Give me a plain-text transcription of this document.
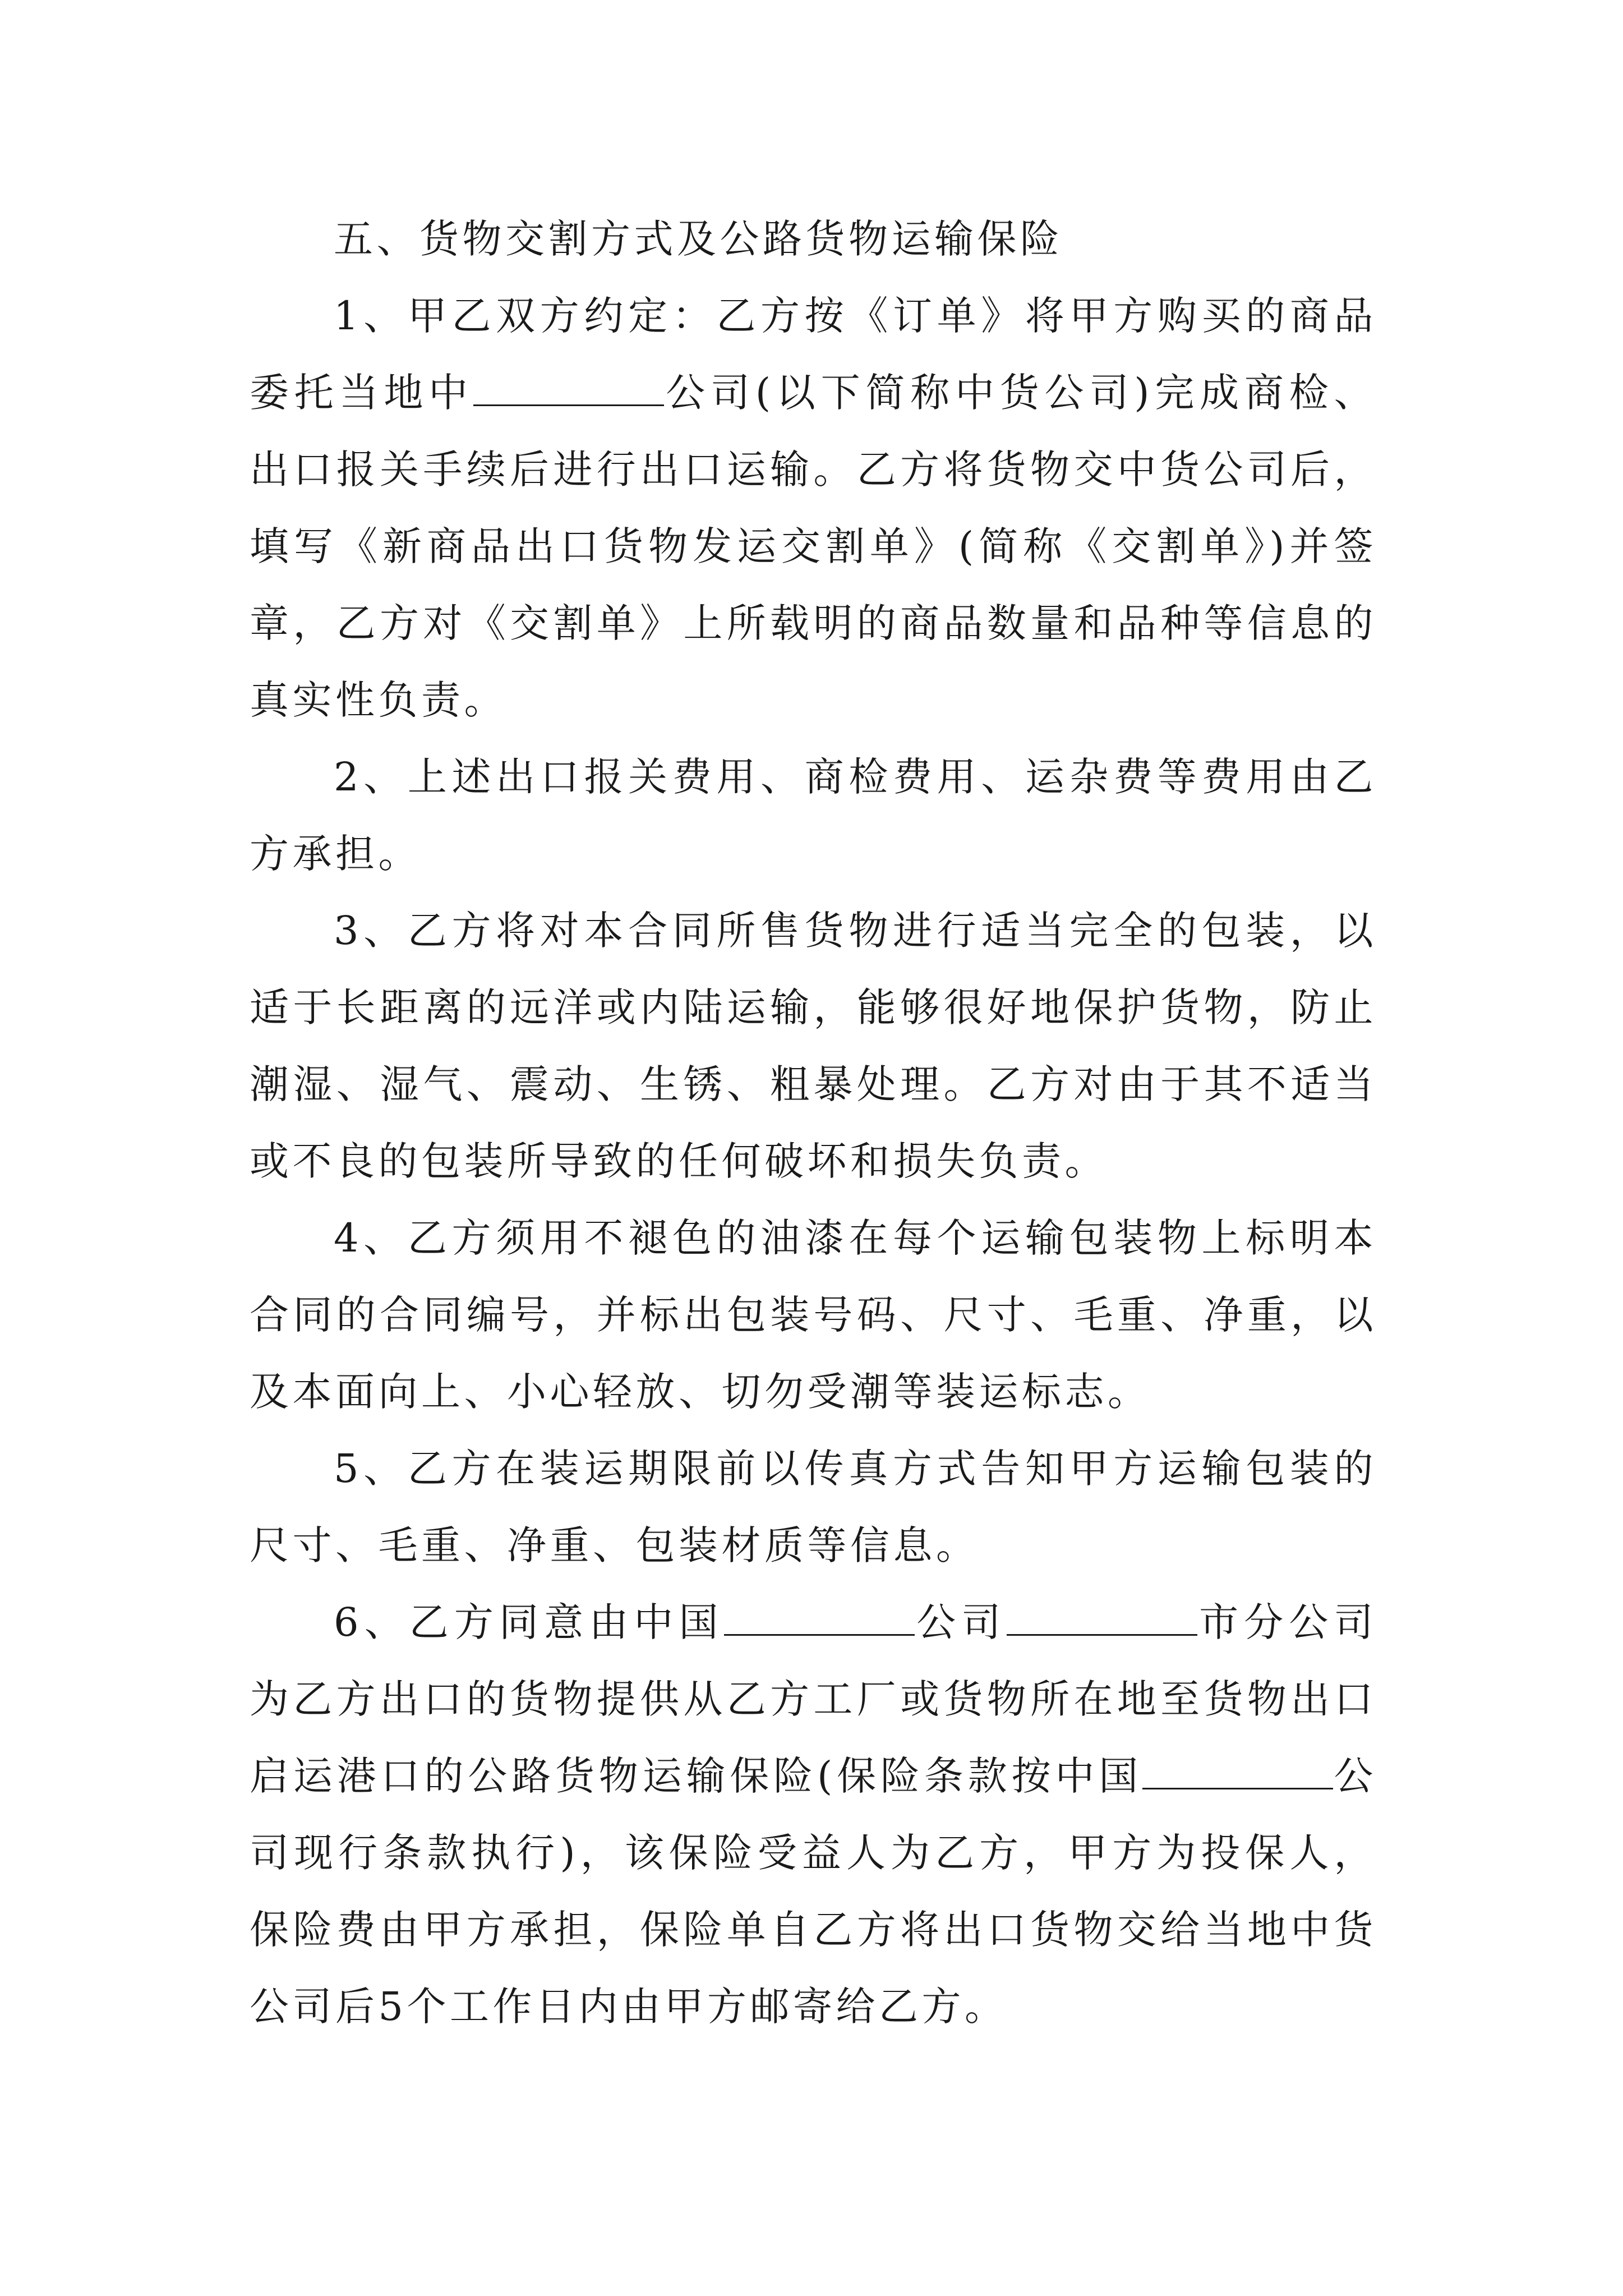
五、货物交割方式及公路货物运输保险

1、甲乙双方约定：乙方按《订单》将甲方购买的商品委托当地中	公司(以下简称中货公司)完成商检、出口报关手续后进行出口运输。乙方将货物交中货公司后，填写《新商品出口货物发运交割单》(简称《交割单》)并签章，乙方对《交割单》上所载明的商品数量和品种等信息的真实性负责。

2、上述出口报关费用、商检费用、运杂费等费用由乙方承担。

3、乙方将对本合同所售货物进行适当完全的包装，以适于长距离的远洋或内陆运输，能够很好地保护货物，防止潮湿、湿气、震动、生锈、粗暴处理。乙方对由于其不适当或不良的包装所导致的任何破坏和损失负责。

4、乙方须用不褪色的油漆在每个运输包装物上标明本合同的合同编号，并标出包装号码、尺寸、毛重、净重，以及本面向上、小心轻放、切勿受潮等装运标志。

5、乙方在装运期限前以传真方式告知甲方运输包装的尺寸、毛重、净重、包装材质等信息。

6、乙方同意由中国	公司	市分公司为乙方出口的货物提供从乙方工厂或货物所在地至货物出口启运港口的公路货物运输保险(保险条款按中国	公司现行条款执行)，该保险受益人为乙方，甲方为投保人，保险费由甲方承担，保险单自乙方将出口货物交给当地中货公司后5个工作日内由甲方邮寄给乙方。
